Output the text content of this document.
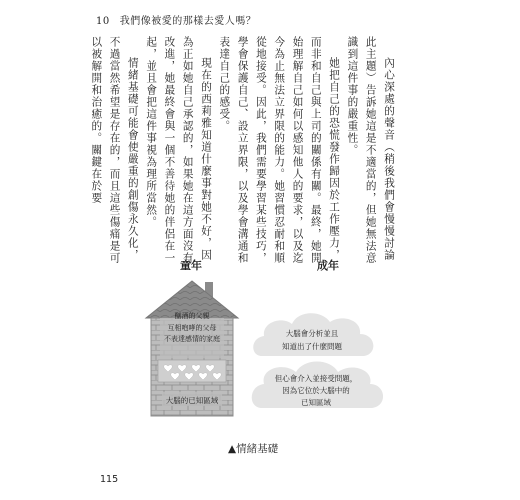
10 我們像被愛的那樣去愛人嗎？

內心深處的聲音（稍後我們會慢慢討論此主題）告訴她這是不適當的，但她無法意識到這件事的嚴重性。

她把自己的恐慌發作歸因於工作壓力，而非和自己與上司的關係有關。最終，她開始理解自己如何以感知他人的要求，以及迄今為止無法立界限的能力。她習慣忍耐和順從地接受。因此，我們需要學習某些技巧，學會保護自己、設立界限，以及學會溝通和表達自己的感受。

現在的西莉雅知道什麼事對她不好，因為正如她自己承認的，如果她在這方面沒有改進，她最終會與一個不善待她的伴侶在一起，並且會把這件事視為理所當然。

情緒基礎可能會使嚴重的創傷永久化，不過當然希望是存在的，而且這些傷痛是可以被解開和治癒的。關鍵在於要

童年	成年
酗酒的父親
互相咆哮的父母
不表達感情的家庭
大腦的已知區域
大腦會分析並且
知道出了什麼問題
但心會介入並接受問題，
因為它位於大腦中的
已知區域
▲情緒基礎
115
